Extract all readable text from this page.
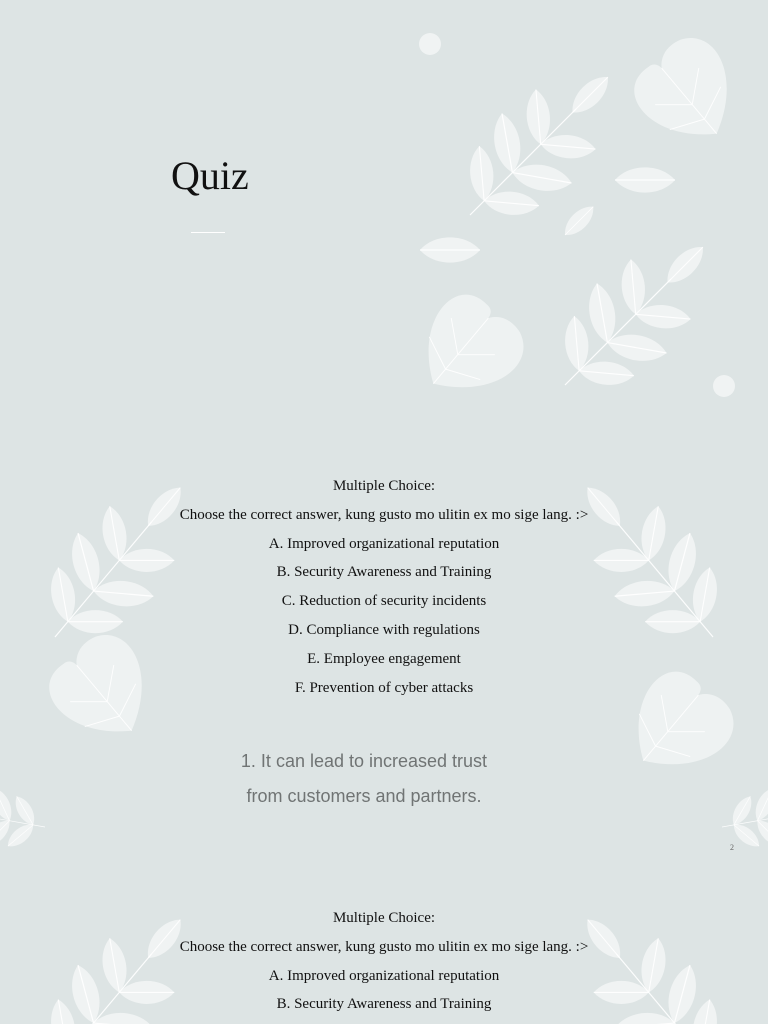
Quiz
Multiple Choice:
Choose the correct answer, kung gusto mo ulitin ex mo sige lang. :>
A. Improved organizational reputation
B. Security Awareness and Training
C. Reduction of security incidents
D. Compliance with regulations
E. Employee engagement
F. Prevention of cyber attacks
1. It can lead to increased trust
from customers and partners.
2
Multiple Choice:
Choose the correct answer, kung gusto mo ulitin ex mo sige lang. :>
A. Improved organizational reputation
B. Security Awareness and Training
